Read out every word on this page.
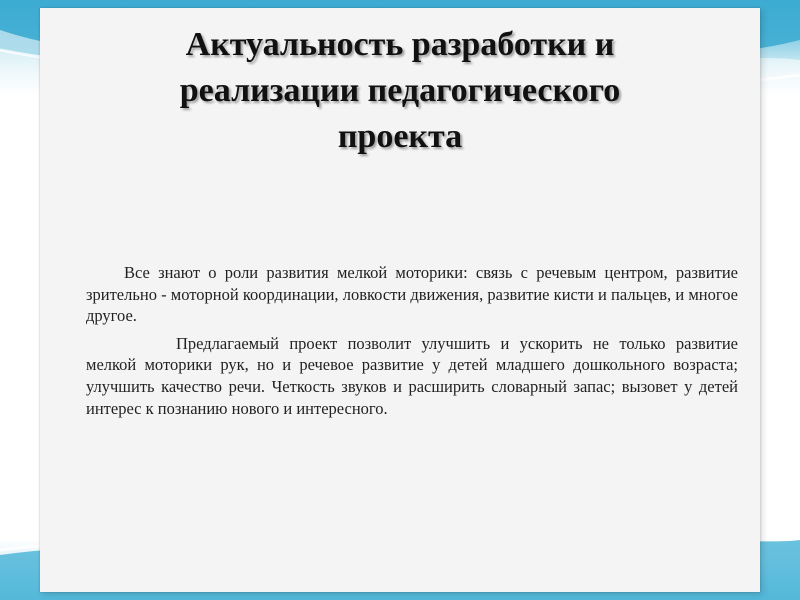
Актуальность разработки и
реализации педагогического
проекта

Все знают о роли развития мелкой моторики: связь с речевым центром, развитие зрительно - моторной координации, ловкости движения, развитие кисти и пальцев, и многое другое.

Предлагаемый проект позволит улучшить и ускорить не только развитие мелкой моторики рук, но и речевое развитие у детей младшего дошкольного возраста; улучшить качество речи. Четкость звуков и расширить словарный запас; вызовет у детей интерес к познанию нового и интересного.
